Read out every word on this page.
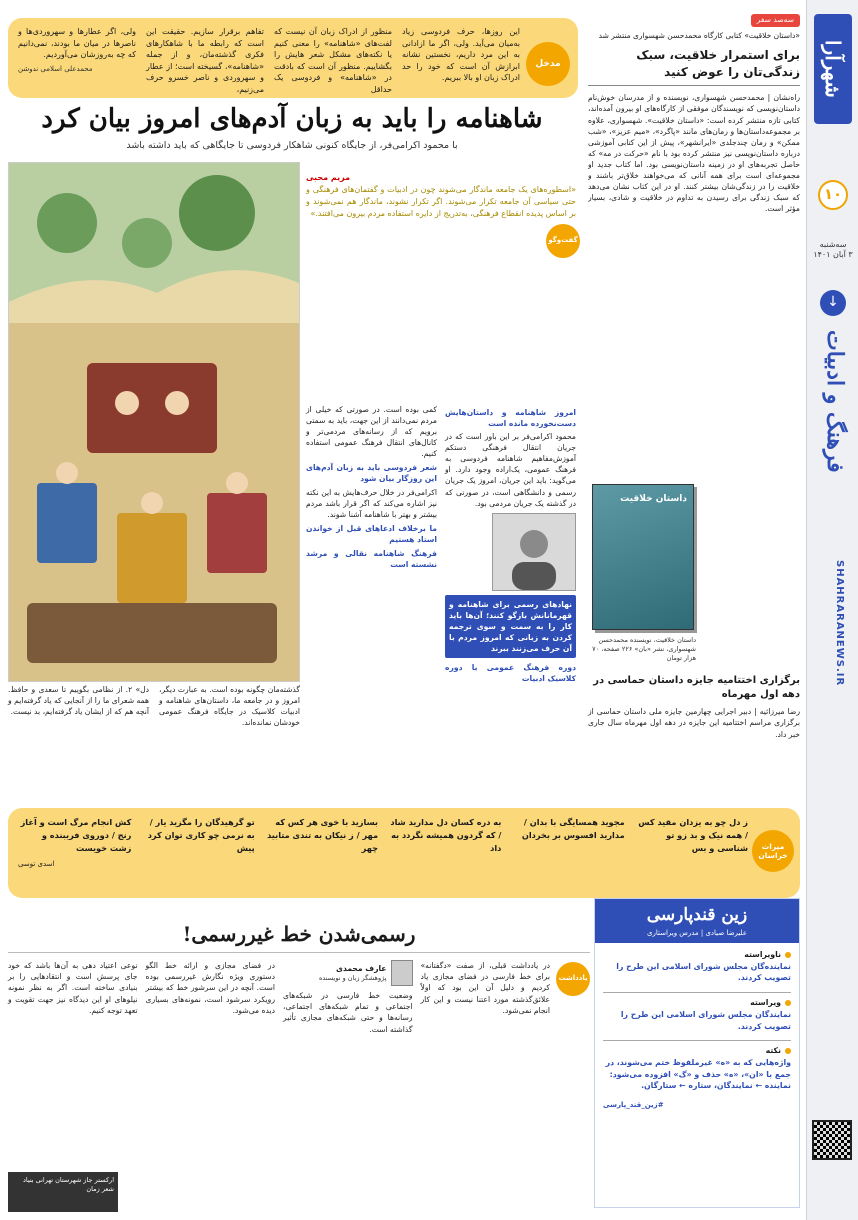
شهرآرا
۱۰
سه‌شنبه
۳ آبان ۱۴۰۱
↓
فرهنگ و ادبیات
SHAHRARANEWS.IR
مدخل

این روزها، حرف فردوسی زیاد به‌میان می‌آید. ولی، اگر ما ازادانی به این مرد داریم، نخستین نشانه ابرازش آن است که خود را حد ادراک زبان او بالا ببریم.

منظور از ادراک زبان آن نیست که لفت‌های «شاهنامه» را معنی کنیم یا نکته‌های مشکل شعر هایش را بگشاییم. منظور آن است که بادقت در «شاهنامه» و فردوسی یک حداقل

تفاهم برقرار سازیم. حقیقت این است که رابطه ما با شاهکارهای فکری گذشته‌مان، و از جمله «شاهنامه»، گسیخته است؛ از عطار و سهروردی و ناصر خسرو حرف می‌زنیم،

ولی، اگر عطارها و سهروردی‌ها و ناصرها در میان ما بودند، نمی‌دانیم که چه به‌روزشان می‌آوردیم.
محمدعلی اسلامی ندوشن
سه‌صد سفر
«داستان خلاقیت» کتابی کارگاه محمدحسن شهسواری منتشر شد
برای استمرار خلاقیت، سبک زندگی‌تان را عوض کنید

راه‌نشان | محمدحسن شهسواری، نویسنده و از مدرسان خوش‌نام داستان‌نویسی که نویسندگان موفقی از کارگاه‌های او بیرون آمده‌اند، کتابی تازه منتشر کرده است: «داستان خلاقیت». شهسواری، علاوه بر مجموعه‌داستان‌ها و رمان‌های مانند «پاگرد»، «میم عزیز»، «شب ممکن» و رمان چندجلدی «ایرانشهر»، پیش از این کتابی آموزشی درباره داستان‌نویسی نیز منتشر کرده بود با نام «حرکت در مه» که حاصل تجربه‌های او در زمینه داستان‌نویسی بود. اما کتاب جدید او مجموعه‌ای است برای همه آنانی که می‌خواهند خلاق‌تر باشند و خلاقیت را در زندگی‌شان بیشتر کنند. او در این کتاب نشان می‌دهد که سبک زندگی برای رسیدن به تداوم در خلاقیت و شادی، بسیار مؤثر است.

داستان خلاقیت
داستان خلاقیت، نویسنده محمدحسن شهسواری، نشر «بان» ۲۲۶ صفحه، ۷۰ هزار تومان
برگزاری اختتامیه جایزه داستان حماسی در دهه اول مهرماه

رضا میرزائیه | دبیر اجرایی چهارمین جایزه ملی داستان حماسی از برگزاری مراسم اختتامیه این جایزه در دهه اول مهرماه سال جاری خبر داد.

شاهنامه را باید به زبان آدم‌های امروز بیان کرد
با محمود اکرامی‌فر، از جایگاه کنونی شاهکار فردوسی تا جایگاهی که باید داشته باشد
مریم محبی

«اسطوره‌های یک جامعه ماندگار می‌شوند چون در ادبیات و گفتمان‌های فرهنگی و حتی سیاسی آن جامعه تکرار می‌شوند. اگر تکرار نشوند، ماندگار هم نمی‌شوند و بر اساس پدیده انقطاع فرهنگی، به‌تدریج از دایره استفاده مردم بیرون می‌افتند.»

گفت‌وگو
امروز شاهنامه و داستان‌هایش دست‌نخورده مانده است

محمود اکرامی‌فر بر این باور است که در جریان انتقال فرهنگی دستکم آموزش‌مفاهیم شاهنامه فردوسی به فرهنگ عمومی، یک‌اراده وجود دارد. او می‌گوید: باید این جریان، امروز یک جریان رسمی و دانشگاهی است، در صورتی که در گذشته یک جریان مردمی بود.

نهادهای رسمی برای شاهنامه و قهرمانانش بازگو کنند؛ آن‌ها باید کار را به سمت و سوی ترجمه کردن به زبانی که امروز مردم با آن حرف می‌زنند ببرند
دوره فرهنگ عمومی با دوره کلاسیک ادبیات

کمی بوده است. در صورتی که خیلی از مردم نمی‌دانند از این جهت، باید به سمتی برویم که از رسانه‌های مردمی‌تر و کانال‌های انتقال فرهنگ عمومی استفاده کنیم.

شعر فردوسی باید به زبان آدم‌های این روزگار بیان شود

اکرامی‌فر در خلال حرف‌هایش به این نکته نیز اشاره می‌کند که اگر قرار باشد مردم بیشتر و بهتر با شاهنامه آشنا شوند.

ما برخلاف ادعاهای قبل از خواندن استاد هستیم
فرهنگ شاهنامه نقالی و مرشد نشسته است

گذشته‌مان چگونه بوده است. به عبارت دیگر، امروز و در جامعه ما، داستان‌های شاهنامه و ادبیات کلاسیک در جایگاه فرهنگ عمومی خودشان نمانده‌اند.

دل» ۲. از نظامی بگوییم تا سعدی و حافظ. همه شعرای ما را از آنجایی که یاد گرفته‌ایم و آنچه هم که از ایشان یاد گرفته‌ایم، بد نیست.

میراث خراسان
ز دل چو به یزدان مقید کس / همه نیک و بد زو تو شناسی و بس
مجوید همسایگی با بدان / مدارید افسوس بر بخردان
به دره کسان دل مدارید شاد / که گردون همیشه نگردد به داد
بسازید با خوی هر کس که مهر / ز نیکان به تندی متابید چهر
تو گرهیدگان را مگزید یار / به نرمی چو کاری توان کرد پیش
کش انجام مرگ است و آغاز رنج / دوروی فریبنده و زشت خویست
اسدی توسی
رسمی‌شدن خط غیررسمی!
یادداشت

در یادداشت قبلی، از صفت «دگفتانه» برای خط فارسی در فضای مجازی یاد کردیم و دلیل آن این بود که اولاً علائق‌گذشته مورد اعتنا نیست و این کار انجام نمی‌شود.

عارف محمدی
پژوهشگر زبان و نویسنده

وضعیت خط فارسی در شبکه‌های اجتماعی و تمام شبکه‌های اجتماعی، رسانه‌ها و حتی شبکه‌های مجازی تأثیر گذاشته است.

در فضای مجازی و ارائه خط الگو دستوری ویژه نگارش غیررسمی بوده است. آنچه در این سرشور خط که بیشتر رویکرد سرشود است، نمونه‌های بسیاری دیده می‌شود.

نوعی اعتیاد دهی به آن‌ها باشد که خود جای پرسش است و انتقادهایی را بر بنیادی ساخته است. اگر به نظر نمونه نیلوهای او این دیدگاه نیز جهت تقویت و تعهد توجه کنیم.

ارکستر جاز شهرستان تهرانی بنیاد شعر زمان
زین قندپارسی
علیرضا صیادی | مدرس ویراستاری
ناویراسته
نماینده‌گان مجلس شورای اسلامی این طرح را تصویب کردند.
ویراسته
نمایندگان مجلس شورای اسلامی این طرح را تصویب کردند.
نکته
واژه‌هایی که به «ه» غیرملفوظ ختم می‌شوند، در جمع با «ان»، «ه» حذف و «گ» افزوده می‌شود: نماینده ← نمایندگان، ستاره ← ستارگان.
#زین_قند_پارسی
